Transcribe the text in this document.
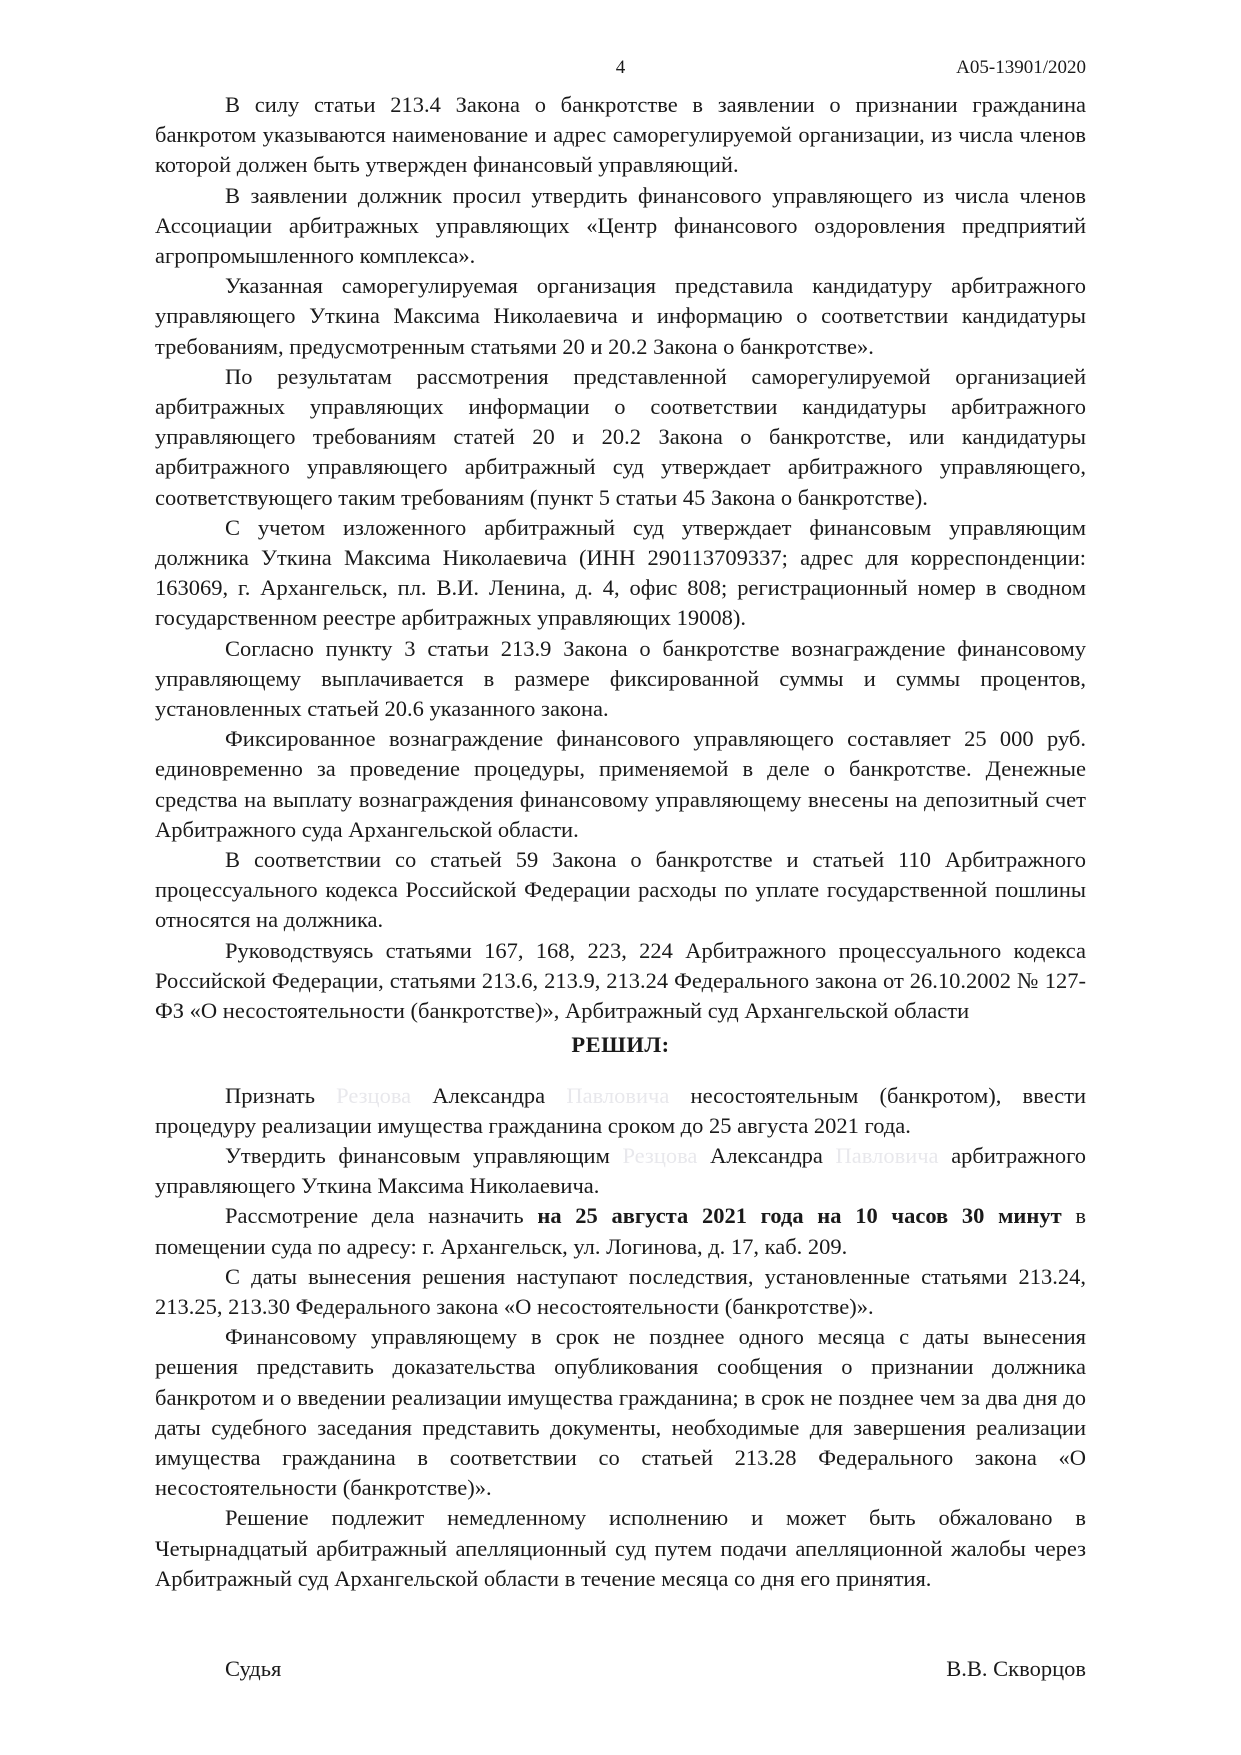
4	A05-13901/2020

В силу статьи 213.4 Закона о банкротстве в заявлении о признании гражданина банкротом указываются наименование и адрес саморегулируемой организации, из числа членов которой должен быть утвержден финансовый управляющий.

В заявлении должник просил утвердить финансового управляющего из числа членов Ассоциации арбитражных управляющих «Центр финансового оздоровления предприятий агропромышленного комплекса».

Указанная саморегулируемая организация представила кандидатуру арбитражного управляющего Уткина Максима Николаевича и информацию о соответствии кандидатуры требованиям, предусмотренным статьями 20 и 20.2 Закона о банкротстве».

По результатам рассмотрения представленной саморегулируемой организацией арбитражных управляющих информации о соответствии кандидатуры арбитражного управляющего требованиям статей 20 и 20.2 Закона о банкротстве, или кандидатуры арбитражного управляющего арбитражный суд утверждает арбитражного управляющего, соответствующего таким требованиям (пункт 5 статьи 45 Закона о банкротстве).

С учетом изложенного арбитражный суд утверждает финансовым управляющим должника Уткина Максима Николаевича (ИНН 290113709337; адрес для корреспонденции: 163069, г. Архангельск, пл. В.И. Ленина, д. 4, офис 808; регистрационный номер в сводном государственном реестре арбитражных управляющих 19008).

Согласно пункту 3 статьи 213.9 Закона о банкротстве вознаграждение финансовому управляющему выплачивается в размере фиксированной суммы и суммы процентов, установленных статьей 20.6 указанного закона.

Фиксированное вознаграждение финансового управляющего составляет 25 000 руб. единовременно за проведение процедуры, применяемой в деле о банкротстве. Денежные средства на выплату вознаграждения финансовому управляющему внесены на депозитный счет Арбитражного суда Архангельской области.

В соответствии со статьей 59 Закона о банкротстве и статьей 110 Арбитражного процессуального кодекса Российской Федерации расходы по уплате государственной пошлины относятся на должника.

Руководствуясь статьями 167, 168, 223, 224 Арбитражного процессуального кодекса Российской Федерации, статьями 213.6, 213.9, 213.24 Федерального закона от 26.10.2002 № 127-ФЗ «О несостоятельности (банкротстве)», Арбитражный суд Архангельской области

РЕШИЛ:

Признать Резцова Александра Павловича несостоятельным (банкротом), ввести процедуру реализации имущества гражданина сроком до 25 августа 2021 года.

Утвердить финансовым управляющим Резцова Александра Павловича арбитражного управляющего Уткина Максима Николаевича.

Рассмотрение дела назначить на 25 августа 2021 года на 10 часов 30 минут в помещении суда по адресу: г. Архангельск, ул. Логинова, д. 17, каб. 209.

С даты вынесения решения наступают последствия, установленные статьями 213.24, 213.25, 213.30 Федерального закона «О несостоятельности (банкротстве)».

Финансовому управляющему в срок не позднее одного месяца с даты вынесения решения представить доказательства опубликования сообщения о признании должника банкротом и о введении реализации имущества гражданина; в срок не позднее чем за два дня до даты судебного заседания представить документы, необходимые для завершения реализации имущества гражданина в соответствии со статьей 213.28 Федерального закона «О несостоятельности (банкротстве)».

Решение подлежит немедленному исполнению и может быть обжаловано в Четырнадцатый арбитражный апелляционный суд путем подачи апелляционной жалобы через Арбитражный суд Архангельской области в течение месяца со дня его принятия.

Судья	В.В. Скворцов
